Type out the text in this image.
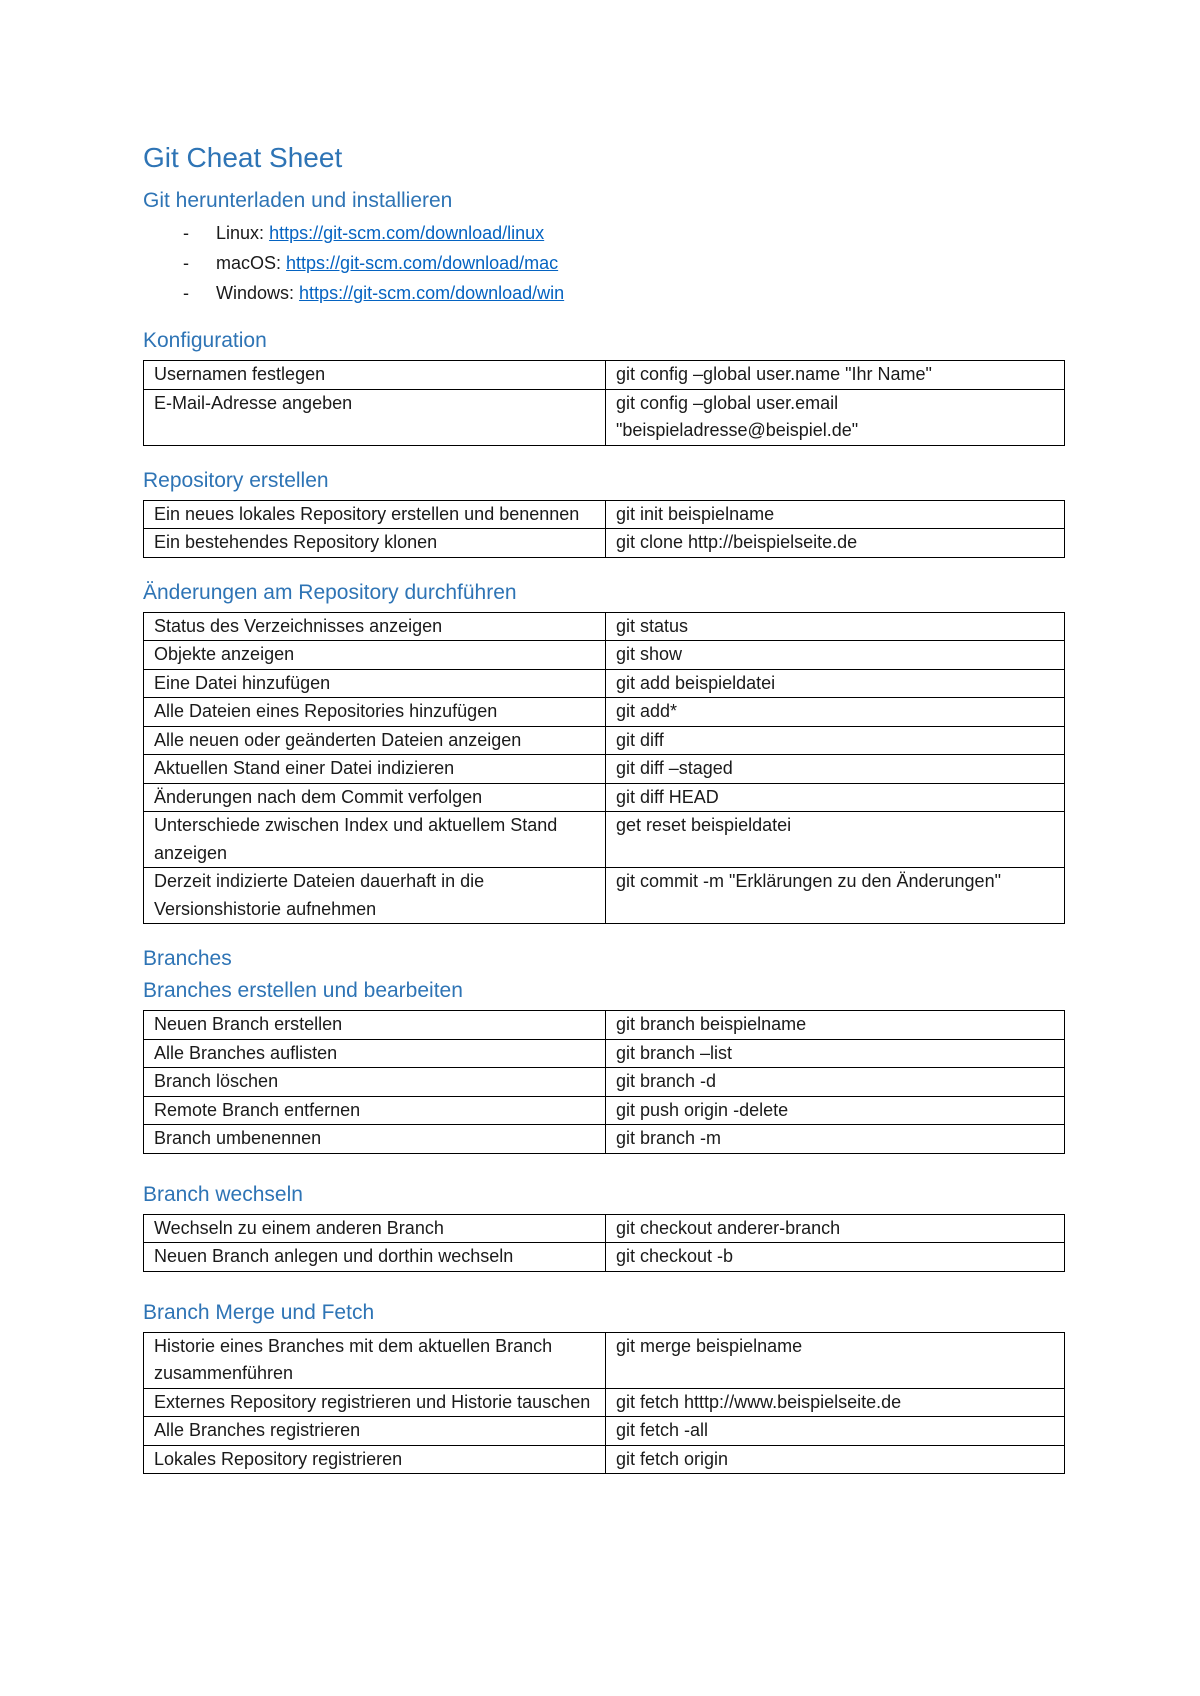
Git Cheat Sheet
Git herunterladen und installieren
- Linux: https://git-scm.com/download/linux
- macOS: https://git-scm.com/download/mac
- Windows: https://git-scm.com/download/win
Konfiguration
Usernamen festlegen	git config –global user.name "Ihr Name"
E-Mail-Adresse angeben	git config –global user.email "beispieladresse@beispiel.de"
Repository erstellen
Ein neues lokales Repository erstellen und benennen	git init beispielname
Ein bestehendes Repository klonen	git clone http://beispielseite.de
Änderungen am Repository durchführen
Status des Verzeichnisses anzeigen	git status
Objekte anzeigen	git show
Eine Datei hinzufügen	git add beispieldatei
Alle Dateien eines Repositories hinzufügen	git add*
Alle neuen oder geänderten Dateien anzeigen	git diff
Aktuellen Stand einer Datei indizieren	git diff –staged
Änderungen nach dem Commit verfolgen	git diff HEAD
Unterschiede zwischen Index und aktuellem Stand anzeigen	get reset beispieldatei
Derzeit indizierte Dateien dauerhaft in die Versionshistorie aufnehmen	git commit -m "Erklärungen zu den Änderungen"
Branches
Branches erstellen und bearbeiten
Neuen Branch erstellen	git branch beispielname
Alle Branches auflisten	git branch –list
Branch löschen	git branch -d
Remote Branch entfernen	git push origin -delete
Branch umbenennen	git branch -m
Branch wechseln
Wechseln zu einem anderen Branch	git checkout anderer-branch
Neuen Branch anlegen und dorthin wechseln	git checkout -b
Branch Merge und Fetch
Historie eines Branches mit dem aktuellen Branch zusammenführen	git merge beispielname
Externes Repository registrieren und Historie tauschen	git fetch htttp://www.beispielseite.de
Alle Branches registrieren	git fetch -all
Lokales Repository registrieren	git fetch origin
